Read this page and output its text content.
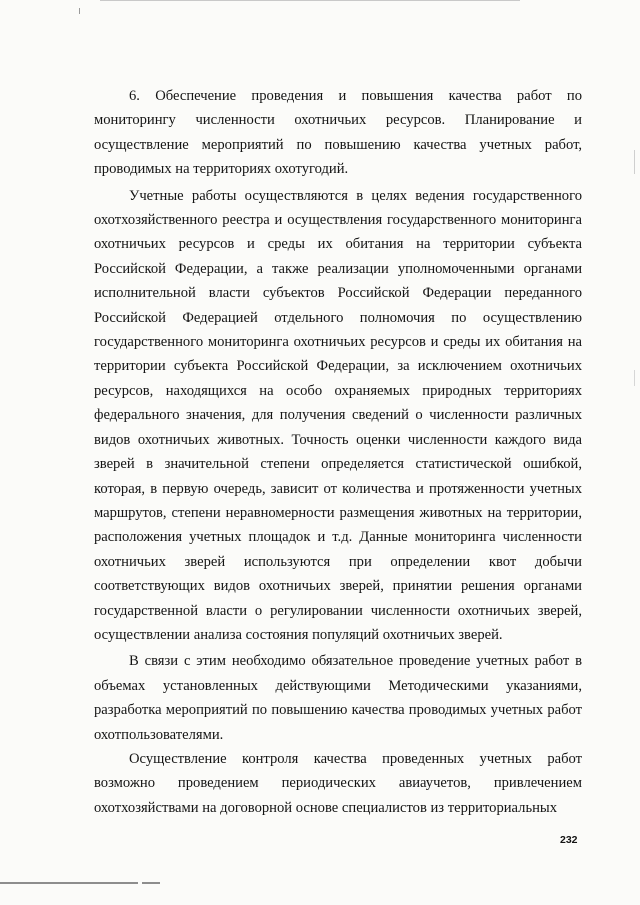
6. Обеспечение проведения и повышения качества работ по мониторингу численности охотничьих ресурсов. Планирование и осуществление мероприятий по повышению качества учетных работ, проводимых на территориях охотугодий.

Учетные работы осуществляются в целях ведения государственного охотхозяйственного реестра и осуществления государственного мониторинга охотничьих ресурсов и среды их обитания на территории субъекта Российской Федерации, а также реализации уполномоченными органами исполнительной власти субъектов Российской Федерации переданного Российской Федерацией отдельного полномочия по осуществлению государственного мониторинга охотничьих ресурсов и среды их обитания на территории субъекта Российской Федерации, за исключением охотничьих ресурсов, находящихся на особо охраняемых природных территориях федерального значения, для получения сведений о численности различных видов охотничьих животных. Точность оценки численности каждого вида зверей в значительной степени определяется статистической ошибкой, которая, в первую очередь, зависит от количества и протяженности учетных маршрутов, степени неравномерности размещения животных на территории, расположения учетных площадок и т.д. Данные мониторинга численности охотничьих зверей используются при определении квот добычи соответствующих видов охотничьих зверей, принятии решения органами государственной власти о регулировании численности охотничьих зверей, осуществлении анализа состояния популяций охотничьих зверей.

В связи с этим необходимо обязательное проведение учетных работ в объемах установленных действующими Методическими указаниями, разработка мероприятий по повышению качества проводимых учетных работ охотпользователями.

Осуществление контроля качества проведенных учетных работ возможно проведением периодических авиаучетов, привлечением охотхозяйствами на договорной основе специалистов из территориальных

232
